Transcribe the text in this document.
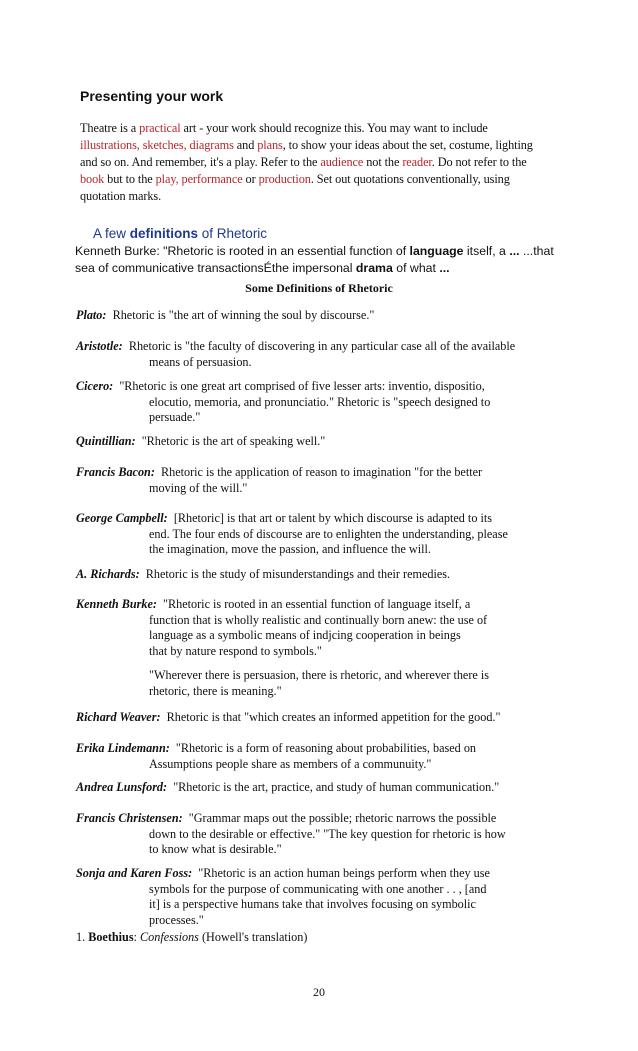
Presenting your work
Theatre is a practical art - your work should recognize this. You may want to include
illustrations, sketches, diagrams and plans, to show your ideas about the set, costume, lighting
and so on. And remember, it's a play. Refer to the audience not the reader. Do not refer to the
book but to the play, performance or production. Set out quotations conventionally, using
quotation marks.
A few definitions of Rhetoric
Kenneth Burke: "Rhetoric is rooted in an essential function of language itself, a ... ...that
sea of communicative transactionsÉthe impersonal drama of what ...
Some Definitions of Rhetoric
Plato: Rhetoric is "the art of winning the soul by discourse."
Aristotle: Rhetoric is "the faculty of discovering in any particular case all of the available
means of persuasion.
Cicero: "Rhetoric is one great art comprised of five lesser arts: inventio, dispositio,
elocutio, memoria, and pronunciatio." Rhetoric is "speech designed to
persuade."
Quintillian: "Rhetoric is the art of speaking well."
Francis Bacon: Rhetoric is the application of reason to imagination "for the better
moving of the will."
George Campbell: [Rhetoric] is that art or talent by which discourse is adapted to its
end. The four ends of discourse are to enlighten the understanding, please
the imagination, move the passion, and influence the will.
A. Richards: Rhetoric is the study of misunderstandings and their remedies.
Kenneth Burke: "Rhetoric is rooted in an essential function of language itself, a
function that is wholly realistic and continually born anew: the use of
language as a symbolic means of indjcing cooperation in beings
that by nature respond to symbols."
"Wherever there is persuasion, there is rhetoric, and wherever there is
rhetoric, there is meaning."
Richard Weaver: Rhetoric is that "which creates an informed appetition for the good."
Erika Lindemann: "Rhetoric is a form of reasoning about probabilities, based on
Assumptions people share as members of a communuity."
Andrea Lunsford: "Rhetoric is the art, practice, and study of human communication."
Francis Christensen: "Grammar maps out the possible; rhetoric narrows the possible
down to the desirable or effective." "The key question for rhetoric is how
to know what is desirable."
Sonja and Karen Foss: "Rhetoric is an action human beings perform when they use
symbols for the purpose of communicating with one another . . , [and
it] is a perspective humans take that involves focusing on symbolic
processes."
1. Boethius: Confessions (Howell's translation)
20
